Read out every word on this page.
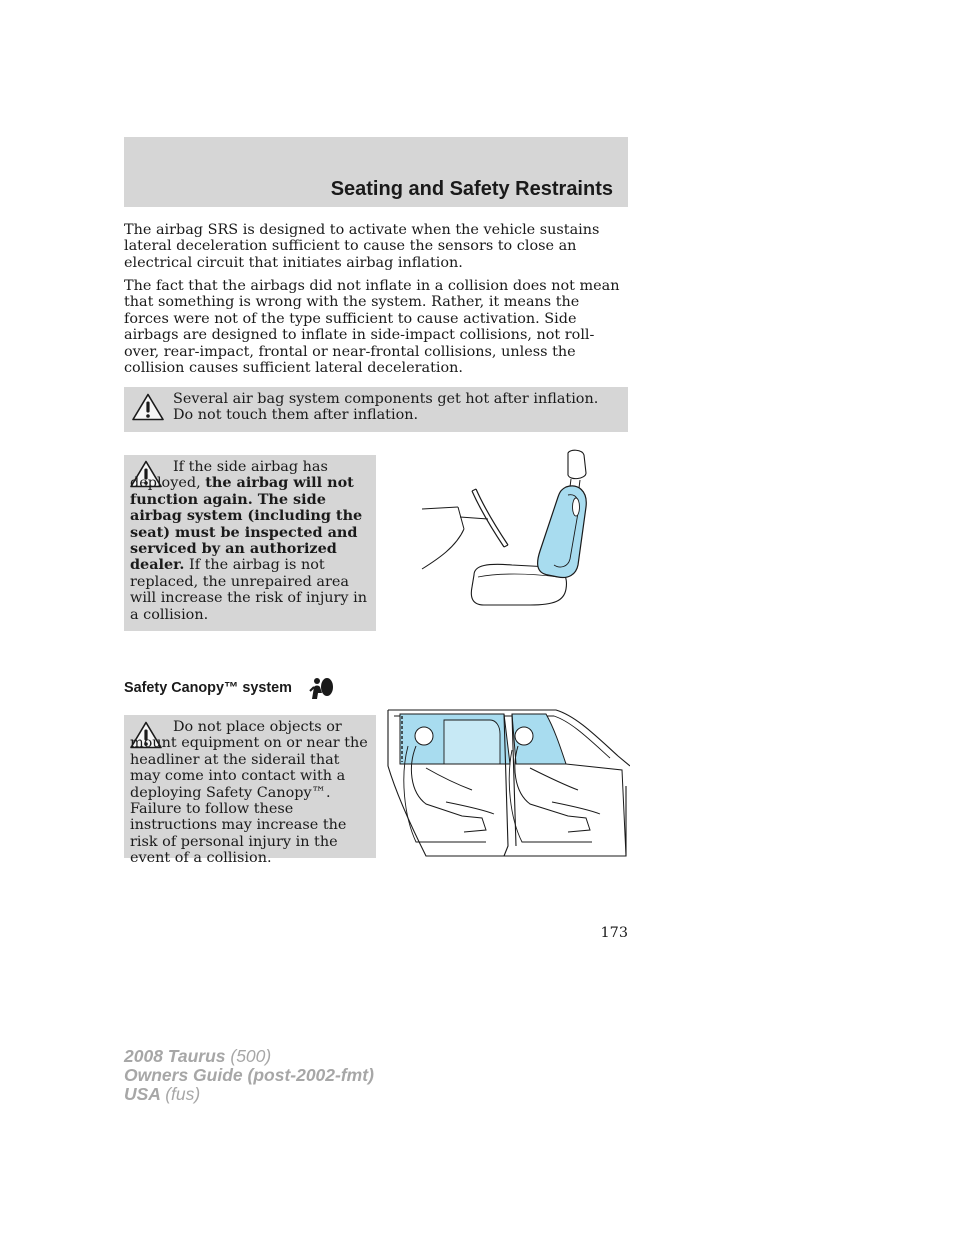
Seating and Safety Restraints

The airbag SRS is designed to activate when the vehicle sustains lateral deceleration sufficient to cause the sensors to close an electrical circuit that initiates airbag inflation.

The fact that the airbags did not inflate in a collision does not mean that something is wrong with the system. Rather, it means the forces were not of the type sufficient to cause activation. Side airbags are designed to inflate in side-impact collisions, not roll-over, rear-impact, frontal or near-frontal collisions, unless the collision causes sufficient lateral deceleration.

Several air bag system components get hot after inflation. Do not touch them after inflation.
If the side airbag has deployed, the airbag will not function again. The side airbag system (including the seat) must be inspected and serviced by an authorized dealer. If the airbag is not replaced, the unrepaired area will increase the risk of injury in a collision.
Safety Canopy™ system
Do not place objects or mount equipment on or near the headliner at the siderail that may come into contact with a deploying Safety Canopy™. Failure to follow these instructions may increase the risk of personal injury in the event of a collision.
173
2008 Taurus (500)
Owners Guide (post-2002-fmt)
USA (fus)
